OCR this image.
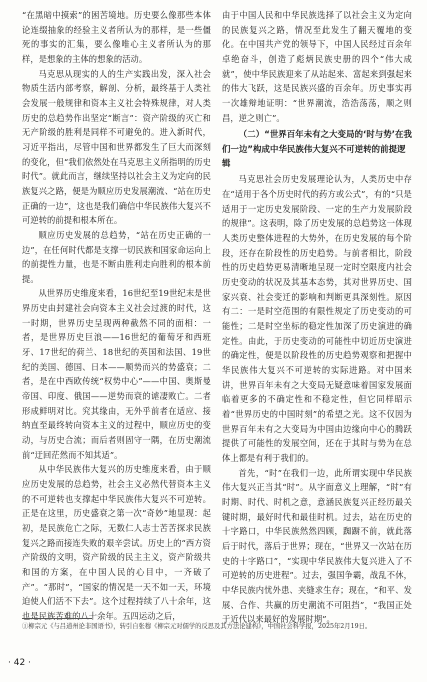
“在黑暗中摸索”的困苦境地。历史要么像那些本体论连缀抽象的经验主义者所认为的那样，是一些僵死的事实的汇集，要么像唯心主义者所认为的那样，是想象的主体的想象的活动。

马克思从现实的人的生产实践出发，深入社会物质生活内部考察，解剖、分析，最终基于人类社会发展一般规律和资本主义社会特殊规律，对人类历史的总趋势作出坚定“断言”：资产阶级的灭亡和无产阶级的胜利是同样不可避免的。进入新时代，习近平指出，尽管中国和世界都发生了巨大而深刻的变化，但“我们依然处在马克思主义所指明的历史时代”。就此而言，继续坚持以社会主义为定向的民族复兴之路，便是为顺应历史发展潮流、“站在历史正确的一边”，这也是我们确信中华民族伟大复兴不可逆转的前提和根本所在。

顺应历史发展的总趋势，“站在历史正确的一边”，在任何时代都是支撑一切民族和国家命运向上的前提性力量，也是不断由胜利走向胜利的根本前提。

从世界历史维度来看，16世纪至19世纪末是世界历史由封建社会向资本主义社会过渡的时代，这一时期，世界历史呈现两种截然不同的面相：一者，是世界历史巨浪——16世纪的葡萄牙和西班牙、17世纪的荷兰、18世纪的英国和法国、19世纪的美国、德国、日本——顺势而兴的势盛衰；二者，是在中西欧传统“权势中心”——中国、奥斯曼帝国、印度、俄国——逆势而衰的谑凄败亡。二者形成鲜明对比。究其缘由，无外乎前者在适应、接纳直至最终转向资本主义的过程中，顺应历史的变动，与历史合流；而后者则固守一隅，在历史潮流前“迂回茫然而不知其适”。

从中华民族伟大复兴的历史维度来看，由于顺应历史发展的总趋势，社会主义必然代替资本主义的不可逆转也支撑起中华民族伟大复兴不可逆转。正是在这里，历史盛衰之第一次“奇妙”地显现：起初，是民族危亡之际，无数仁人志士苦苦探求民族复兴之路而接连失败的艰辛尝试。历史上的“西方资产阶级的文明，资产阶级的民主主义，资产阶级共和国的方案，在中国人民的心目中，一齐破了产”。“那时”，“国家的情况是一天不如一天，环境迫使人们活不下去”。这个过程持续了八十余年，这也是民族苦难的八十余年。五四运动之后，

由于中国人民和中华民族选择了以社会主义为定向的民族复兴之路，情况至此发生了翻天覆地的变化。在中国共产党的领导下，中国人民经过百余年卓绝奋斗，创造了彪炳民族史册的四个“伟大成就”，使中华民族迎来了从站起来、富起来到强起来的伟大飞跃，这是民族兴盛的百余年。历史事实再一次雄辩地证明：“世界潮流，浩浩荡荡，顺之则昌，逆之则亡”。

（二）“世界百年未有之大变局的‘时与势’在我们一边”构成中华民族伟大复兴不可逆转的前提逻辑

马克思社会历史发展理论认为，人类历史中存在“适用于各个历史时代的药方或公式”，有的“只是适用于一定历史发展阶段、一定的生产力发展阶段的规律”。这表明，除了历史发展的总趋势这一体现人类历史整体进程的大势外，在历史发展的每个阶段，还存在阶段性的历史趋势。与前者相比，阶段性的历史趋势更易清晰地呈现一定时空限度内社会历史变动的状况及其基本态势，其对世界历史、国家兴衰、社会变迁的影响和判断更具深刻性。原因有二：一是时空范围的有限性规定了历史变动的可能性；二是时空坐标的稳定性加深了历史演进的确定性。由此，于历史变动的可能性中切近历史演进的确定性，便是以阶段性的历史趋势观察和把握中华民族伟大复兴不可逆转的实际进路。对中国来讲，世界百年未有之大变局无疑意味着国家发展面临着更多的不确定性和不稳定性，但它同样昭示着“世界历史的中国时刻”的希望之光。这不仅因为世界百年未有之大变局为中国由边缘向中心的腾跃提供了可能性的发展空间，还在于其时与势为在总体上都是有利于我们的。

首先，“时”在我们一边，此所谓实现中华民族伟大复兴正当其“时”。从字面意义上理解，“时”有时期、时代、时机之意，意涵民族复兴正经历最关键时期，最好时代和最佳时机。过去，站在历史的十字路口，中华民族然然四顾，踟蹰不前，就此落后于时代，落后于世界；现在，“世界又一次站在历史的十字路口”，“实现中华民族伟大复兴进入了不可逆转的历史进程”。过去，强国争霸，战乱不休，中华民族内忧外患、夹缝求生存；现在，“和平、发展、合作、共赢的历史潮流不可阻挡”，“我国正处于近代以来最好的发展时期”。

①柳宗元《与吕道州论非国语书》，转引自张穆《柳宗元对儒学的反思及其方法论建构》，中国社会科学报，2025年2月19日。
· 42 ·
